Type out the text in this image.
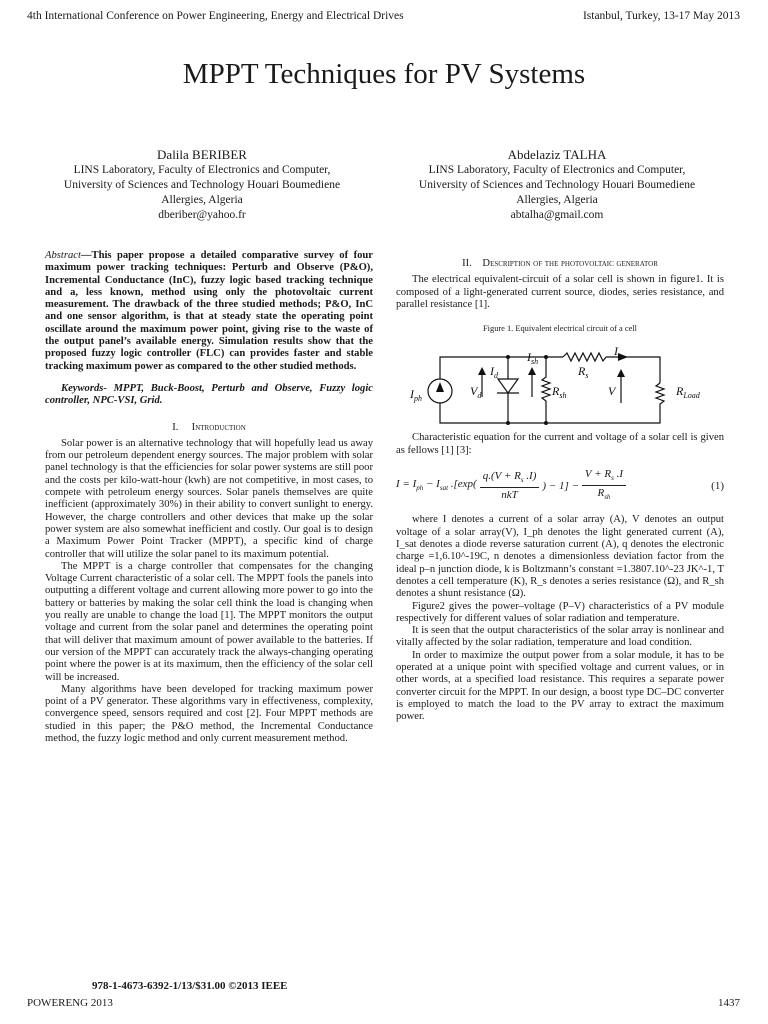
4th International Conference on Power Engineering, Energy and Electrical Drives	Istanbul, Turkey, 13-17 May 2013
MPPT Techniques for PV Systems
Dalila BERIBER
LINS Laboratory, Faculty of Electronics and Computer,
University of Sciences and Technology Houari Boumediene
Allergies, Algeria
dberiber@yahoo.fr
Abdelaziz TALHA
LINS Laboratory, Faculty of Electronics and Computer,
University of Sciences and Technology Houari Boumediene
Allergies, Algeria
abtalha@gmail.com

Abstract—This paper propose a detailed comparative survey of four maximum power tracking techniques: Perturb and Observe (P&O), Incremental Conductance (InC), fuzzy logic based tracking technique and a, less known, method using only the photovoltaic current measurement. The drawback of the three studied methods; P&O, InC and one sensor algorithm, is that at steady state the operating point oscillate around the maximum power point, giving rise to the waste of the output panel’s available energy. Simulation results show that the proposed fuzzy logic controller (FLC) can provides faster and stable tracking maximum power as compared to the other studied methods.

Keywords- MPPT, Buck-Boost, Perturb and Observe, Fuzzy logic controller, NPC-VSI, Grid.

I. Introduction

Solar power is an alternative technology that will hopefully lead us away from our petroleum dependent energy sources. The major problem with solar panel technology is that the efficiencies for solar power systems are still poor and the costs per kilo-watt-hour (kwh) are not competitive, in most cases, to compete with petroleum energy sources. Solar panels themselves are quite inefficient (approximately 30%) in their ability to convert sunlight to energy. However, the charge controllers and other devices that make up the solar power system are also somewhat inefficient and costly. Our goal is to design a Maximum Power Point Tracker (MPPT), a specific kind of charge controller that will utilize the solar panel to its maximum potential.

The MPPT is a charge controller that compensates for the changing Voltage Current characteristic of a solar cell. The MPPT fools the panels into outputting a different voltage and current allowing more power to go into the battery or batteries by making the solar cell think the load is changing when you really are unable to change the load [1]. The MPPT monitors the output voltage and current from the solar panel and determines the operating point that will deliver that maximum amount of power available to the batteries. If our version of the MPPT can accurately track the always-changing operating point where the power is at its maximum, then the efficiency of the solar cell will be increased.

Many algorithms have been developed for tracking maximum power point of a PV generator. These algorithms vary in effectiveness, complexity, convergence speed, sensors required and cost [2]. Four MPPT methods are studied in this paper; the P&O method, the Incremental Conductance method, the fuzzy logic method and only current measurement method.

II. Description of the photovoltaic generator

The electrical equivalent-circuit of a solar cell is shown in figure1. It is composed of a light-generated current source, diodes, series resistance, and parallel resistance [1].

Figure 1. Equivalent electrical circuit of a cell
$I_{ph}$
$V_d$
$I_d$
$I_{sh}$
$R_{sh}$
$R_s$
I
V	$R_{Load}$

Characteristic equation for the current and voltage of a solar cell is given as fellows [1] [3]:

$I = I_{ph} - I_{sat}$ $.[\exp( \frac{q.(V + R_s .I)}{\text{nkT}}$ ) − $1] - \frac{V + R_s .I}{R_{sh}}$	(1)

where I denotes a current of a solar array (A), V denotes an output voltage of a solar array(V), I_ph denotes the light generated current (A), I_sat denotes a diode reverse saturation current (A), q denotes the electronic charge =1,6.10^-19C, n denotes a dimensionless deviation factor from the ideal p–n junction diode, k is Boltzmann’s constant =1.3807.10^-23 JK^-1, T denotes a cell temperature (K), R_s denotes a series resistance (Ω), and R_sh denotes a shunt resistance (Ω).

Figure2 gives the power–voltage (P–V) characteristics of a PV module respectively for different values of solar radiation and temperature.

It is seen that the output characteristics of the solar array is nonlinear and vitally affected by the solar radiation, temperature and load condition.

In order to maximize the output power from a solar module, it has to be operated at a unique point with specified voltage and current values, or in other words, at a specified load resistance. This requires a separate power converter circuit for the MPPT. In our design, a boost type DC–DC converter is employed to match the load to the PV array to extract the maximum power.

978-1-4673-6392-1/13/$31.00 ©2013 IEEE
POWERENG 2013	1437
